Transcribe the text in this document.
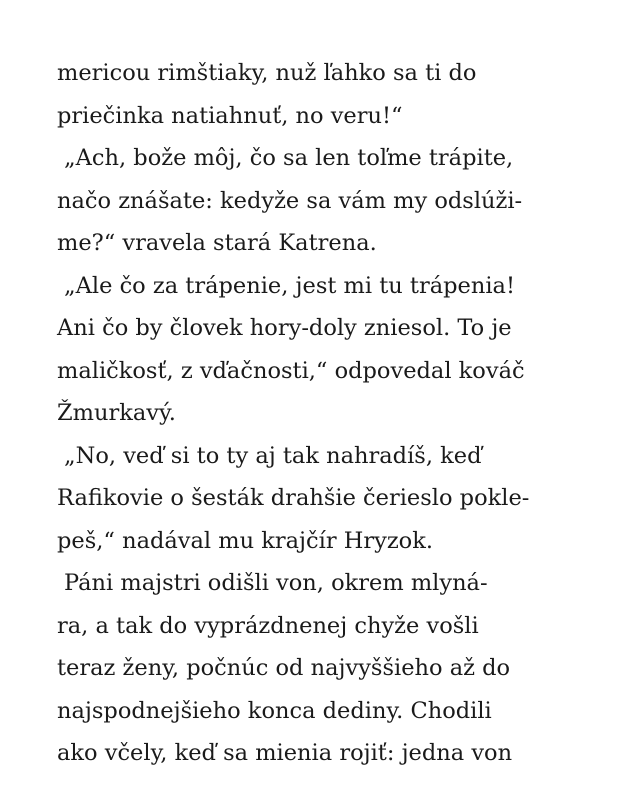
mericou rimštiaky, nuž ľahko sa ti do
priečinka natiahnuť, no veru!“
„Ach, bože môj, čo sa len toľme trápite,
načo znášate: kedyže sa vám my odslúži-
me?“ vravela stará Katrena.
„Ale čo za trápenie, jest mi tu trápenia!
Ani čo by človek hory-doly zniesol. To je
maličkosť, z vďačnosti,“ odpovedal kováč
Žmurkavý.
„No, veď si to ty aj tak nahradíš, keď
Rafikovie o šesták drahšie čerieslo pokle-
peš,“ nadával mu krajčír Hryzok.
Páni majstri odišli von, okrem mlyná-
ra, a tak do vyprázdnenej chyže vošli
teraz ženy, počnúc od najvyššieho až do
najspodnejšieho konca dediny. Chodili
ako včely, keď sa mienia rojiť: jedna von
